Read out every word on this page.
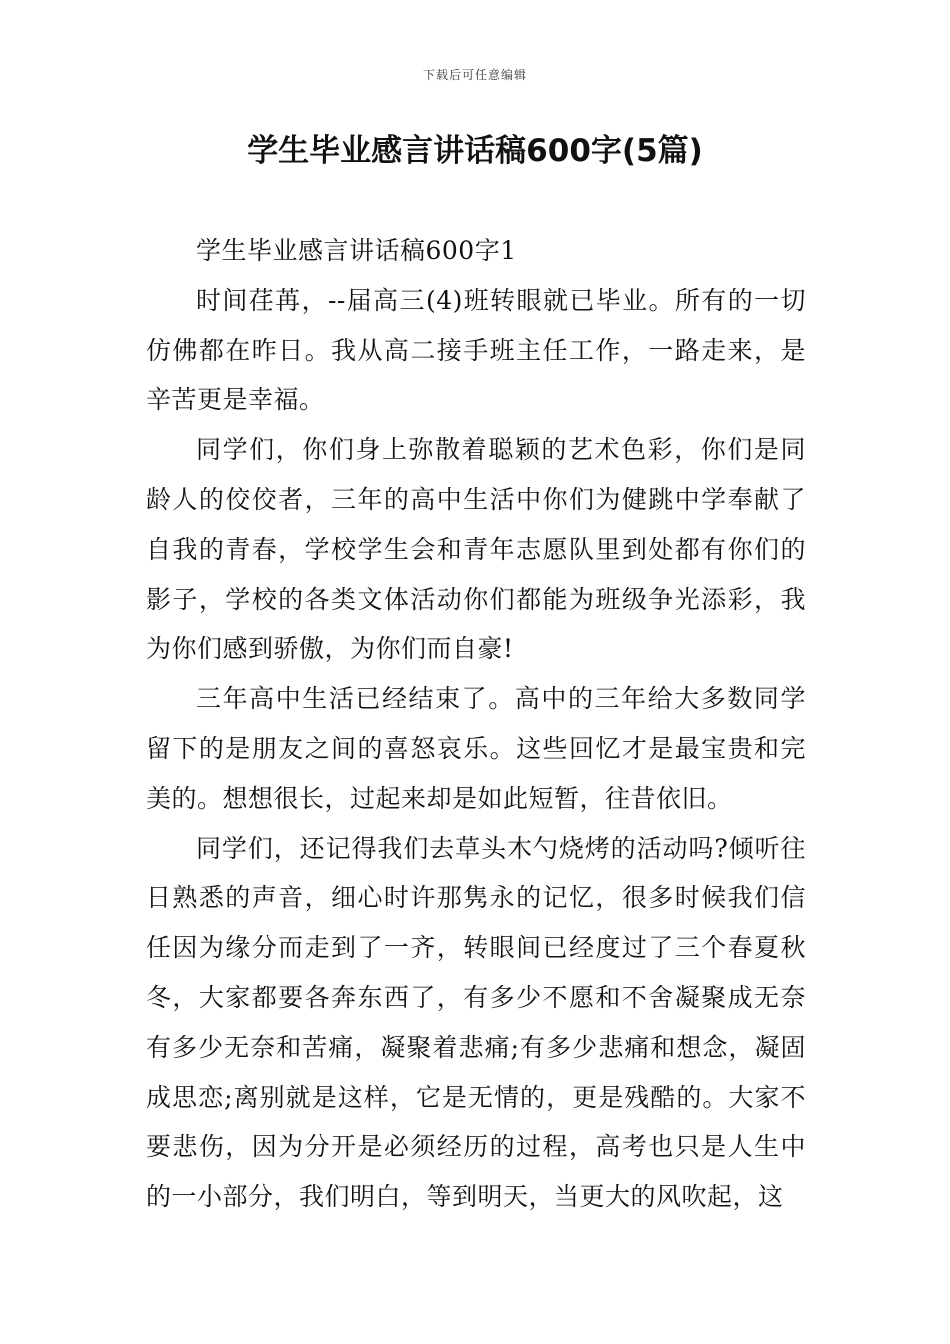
下载后可任意编辑
学生毕业感言讲话稿600字(5篇)

学生毕业感言讲话稿600字1

时间荏苒，--届高三(4)班转眼就已毕业。所有的一切仿佛都在昨日。我从高二接手班主任工作，一路走来，是辛苦更是幸福。

同学们，你们身上弥散着聪颖的艺术色彩，你们是同龄人的佼佼者，三年的高中生活中你们为健跳中学奉献了自我的青春，学校学生会和青年志愿队里到处都有你们的影子，学校的各类文体活动你们都能为班级争光添彩，我为你们感到骄傲，为你们而自豪!

三年高中生活已经结束了。高中的三年给大多数同学留下的是朋友之间的喜怒哀乐。这些回忆才是最宝贵和完美的。想想很长，过起来却是如此短暂，往昔依旧。

同学们，还记得我们去草头木勺烧烤的活动吗?倾听往日熟悉的声音，细心时许那隽永的记忆，很多时候我们信任因为缘分而走到了一齐，转眼间已经度过了三个春夏秋冬，大家都要各奔东西了，有多少不愿和不舍凝聚成无奈有多少无奈和苦痛，凝聚着悲痛;有多少悲痛和想念，凝固成思恋;离别就是这样，它是无情的，更是残酷的。大家不要悲伤，因为分开是必须经历的过程，高考也只是人生中的一小部分，我们明白，等到明天，当更大的风吹起，这
